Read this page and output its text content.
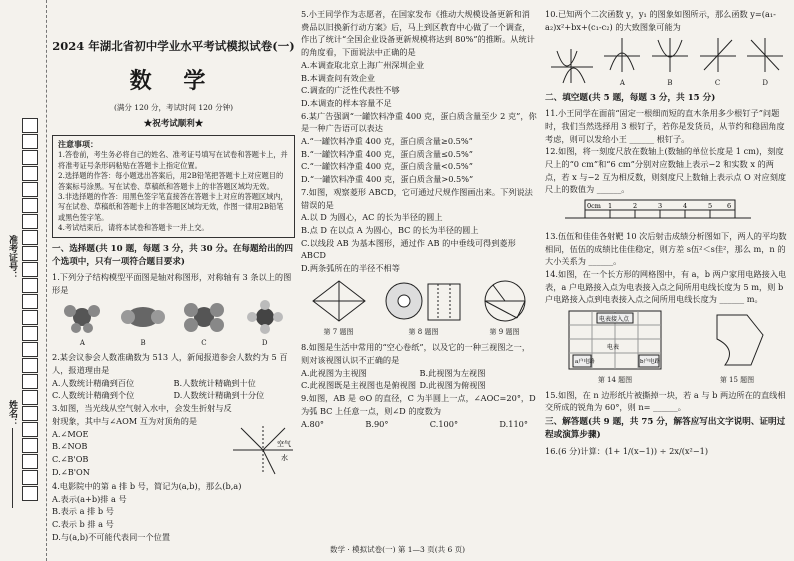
准考证号：
姓名：
2024 年湖北省初中学业水平考试模拟试卷(一)
数 学
(满分 120 分，考试时间 120 分钟)
★祝考试顺利★
注意事项：

1.答卷前，考生务必将自己的姓名、准考证号填写在试卷和答题卡上，并将准考证号条形码粘贴在答题卡上指定位置。

2.选择题的作答：每小题选出答案后，用2B铅笔把答题卡上对应题目的答案标号涂黑。写在试卷、草稿纸和答题卡上的非答题区域均无效。

3.非选择题的作答：用黑色签字笔直接答在答题卡上对应的答题区域内，写在试卷、草稿纸和答题卡上的非答题区域均无效，作图一律用2B铅笔或黑色签字笔。

4.考试结束后，请将本试卷和答题卡一并上交。

一、选择题(共 10 题，每题 3 分，共 30 分。在每题给出的四个选项中，只有一项符合题目要求)

1.下列分子结构模型平面图是轴对称图形，对称轴有 3 条以上的图形是

A	B	C	D

2.某会议参会人数准确数为 513 人，新闻报道参会人数约为 5 百人，报道理由是

A.人数统计精确到百位	B.人数统计精确到十位
C.人数统计精确到个位	D.人数统计精确到十分位

3.如图，当光线从空气射入水中，会发生折射与反射现象，其中与∠AOM 互为对顶角的是

A.∠MOE

B.∠NOB

C.∠B'OB

D.∠B'ON

空气
水

4.电影院中的第 a 排 b 号，简记为(a,b)，那么(b,a)

A.表示(a+b)排 a 号

B.表示 a 排 b 号

C.表示 b 排 a 号

D.与(a,b)不可能代表同一个位置

5.小王同学作为志愿者，在国家发布《推动大规模设备更新和消费品以旧换新行动方案》后，马上到区教育中心做了一个调查，作出了统计“全国企业设备更新规模将达到 80%”的推断。从统计的角度看，下面说法中正确的是

A.本调查取北京上海广州深圳企业

B.本调查问有效企业

C.调查的广泛性代表性不够

D.本调查的样本容量不足

6.某广告强调“一罐饮料净重 400 克，蛋白质含量至少 2 克”，你是一种广告语可以表达

A.“一罐饮料净重 400 克，蛋白质含量≥0.5%”

B.“一罐饮料净重 400 克，蛋白质含量≤0.5%”

C.“一罐饮料净重 400 克，蛋白质含量<0.5%”

D.“一罐饮料净重 400 克，蛋白质含量>0.5%”

7.如图，观察菱形 ABCD，它可通过尺规作图画出来。下列说法错误的是

A.以 D 为圆心，AC 的长为半径的圆上

B.点 D 在以点 A 为圆心，BC 的长为半径的圆上

C.以线段 AB 为基本图形，通过作 AB 的中垂线可得到菱形 ABCD

D.两条弧所在的半径不相等

第 7 题图	第 8 题图	第 9 题图

8.如图是生活中常用的“空心卷纸”，以及它的一种三视图之一，则对该视图认识不正确的是

A.此视图为主视图	B.此视图为左视图
C.此视图既是主视图也是俯视图 D.此视图为俯视图

9.如图，AB 是 ⊙O 的直径，C 为半圆上一点，∠AOC=20°，D 为弧 BC 上任意一点，则∠D 的度数为

A.80°	B.90°	C.100°	D.110°

10.已知两个二次函数 y，y₁ 的图象如图所示，那么函数 y=(a₁-a₂)x²+bx+(c₁-c₂) 的大致图象可能为

A	B	C	D
二、填空题(共 5 题，每题 3 分，共 15 分)

11.小王同学在面前“固定一根细而短的直木条用多少根钉子”问题时，我们当然选择用 3 根钉子，若你是发货员，从节约和稳固角度考虑，则可以发给小王 ______ 根钉子。

12.如图，将一刻度尺放在数轴上(数轴的单位长度是 1 cm)，刻度尺上的“0 cm”和“6 cm”分别对应数轴上表示−2 和实数 x 的两点，若 x 与−2 互为相反数，则刻度尺上数轴上表示点 O 对应刻度尺上的数值为 ______。

0cm 1	2	3	4	5 6

13.伍伍和佳佳各射靶 10 次后射击成绩分析图如下，两人的平均数相同，伍伍的成绩比佳佳稳定，则方差 s伍²＜s佳²，那么 m，n 的大小关系为 ______。

14.如图，在一个长方形的网格图中，有 a，b 两户家用电路接入电表，a 户电路接入点为电表接入点之间所用电线长度为 5 m，则 b 户电路接入点到电表接入点之间所用电线长度为 ______ m。

电表接入点
a户电路	b户电路
电表
第 14 题图	第 15 题图

15.如图，在 n 边形纸片被撕掉一块，若 a 与 b 两边所在的直线相交所成的锐角为 60°，则 n= ______。

三、解答题(共 9 题，共 75 分，解答应写出文字说明、证明过程或演算步骤)

16.(6 分)计算：(1+ 1/(x−1)) ÷ 2x/(x²−1)

数学 · 模拟试卷(一) 第 1—3 页(共 6 页)
